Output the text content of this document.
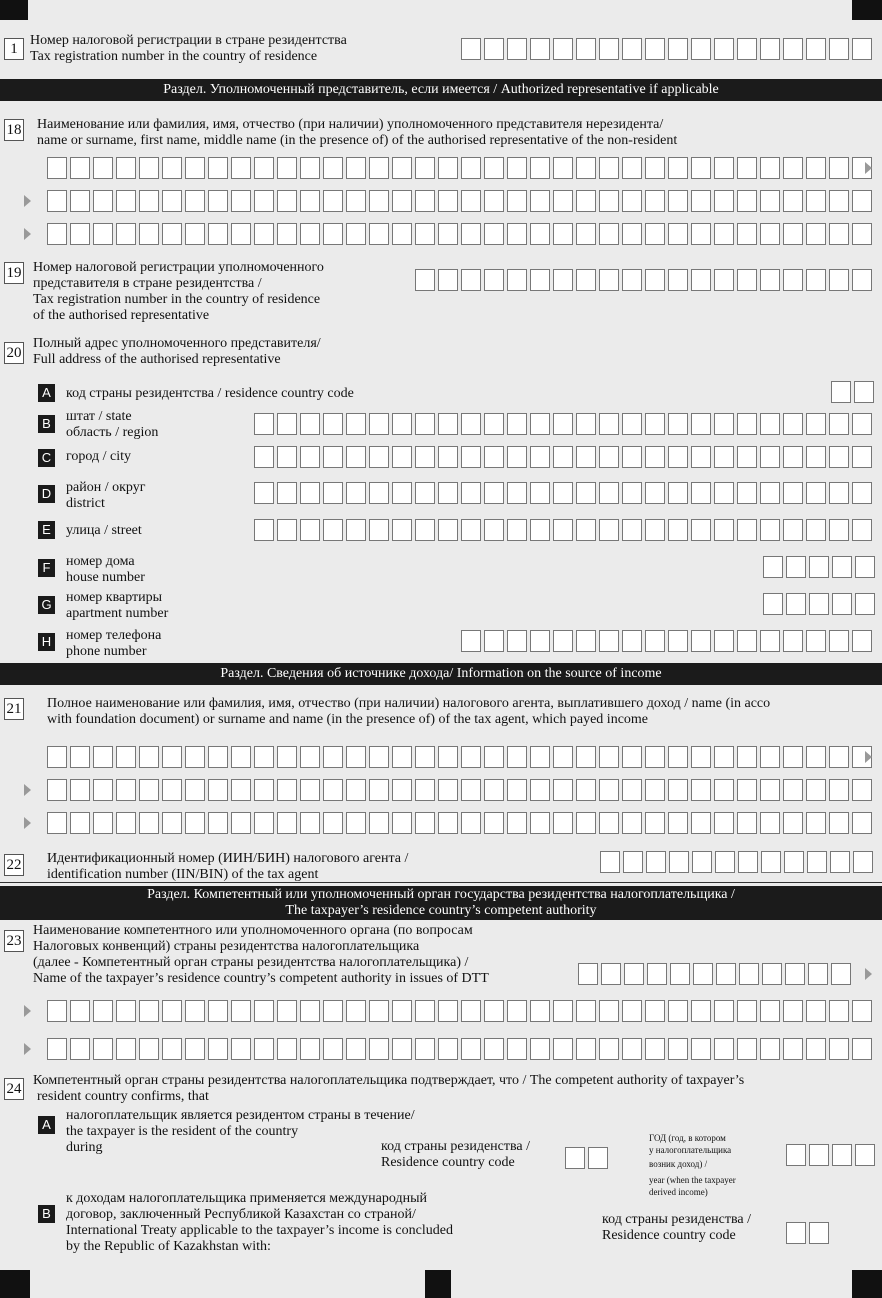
1
Номер налоговой регистрации в стране резидентства
Tax registration number in the country of residence
Раздел. Уполномоченный представитель, если имеется / Authorized representative if applicable
18 Наименование или фамилия, имя, отчество (при наличии) уполномоченного представителя нерезидента/
name or surname, first name, middle name (in the presence of) of the authorised representative of the non-resident
19 Номер налоговой регистрации уполномоченного
представителя в стране резидентства /
Tax registration number in the country of residence
of the authorised representative
20
Полный адрес уполномоченного представителя/
Full address of the authorised representative
A код страны резидентства / residence country code
B штат / state
область / region
C город / city
D район / округ
district
E улица / street
F	номер дома
house number
G номер квартиры
apartment number
H номер телефона
phone number
Раздел. Сведения об источнике дохода/ Information on the source of income
21 Полное наименование или фамилия, имя, отчество (при наличии) налогового агента, выплатившего доход / name (in acco
with foundation document) or surname and name (in the presence of) of the tax agent, which payed income
22 Идентификационный номер (ИИН/БИН) налогового агента /
identification number (IIN/BIN) of the tax agent
Раздел. Компетентный или уполномоченный орган государства резидентства налогоплательщика /
The taxpayer’s residence country’s competent authority
23
Наименование компетентного или уполномоченного органа (по вопросам
Налоговых конвенций) страны резидентства налогоплательщика
(далее - Компетентный орган страны резидентства налогоплательщика) /
Name of the taxpayer’s residence country’s competent authority in issues of DTT
24
Компетентный орган страны резидентства налогоплательщика подтверждает, что / The competent authority of taxpayer’s
resident country confirms, that
A
налогоплательщик является резидентом страны в течение/
the taxpayer is the resident of the country
during	код страны резиденства /
Residence country code
ГОД (год, в котором
у налогоплательщика
возник доход) /
year (when the taxpayer
derived income)
B
к доходам налогоплательщика применяется международный
договор, заключенный Республикой Казахстан со страной/
International Treaty applicable to the taxpayer’s income is concluded
by the Republic of Kazakhstan with:
код страны резиденства /
Residence country code
